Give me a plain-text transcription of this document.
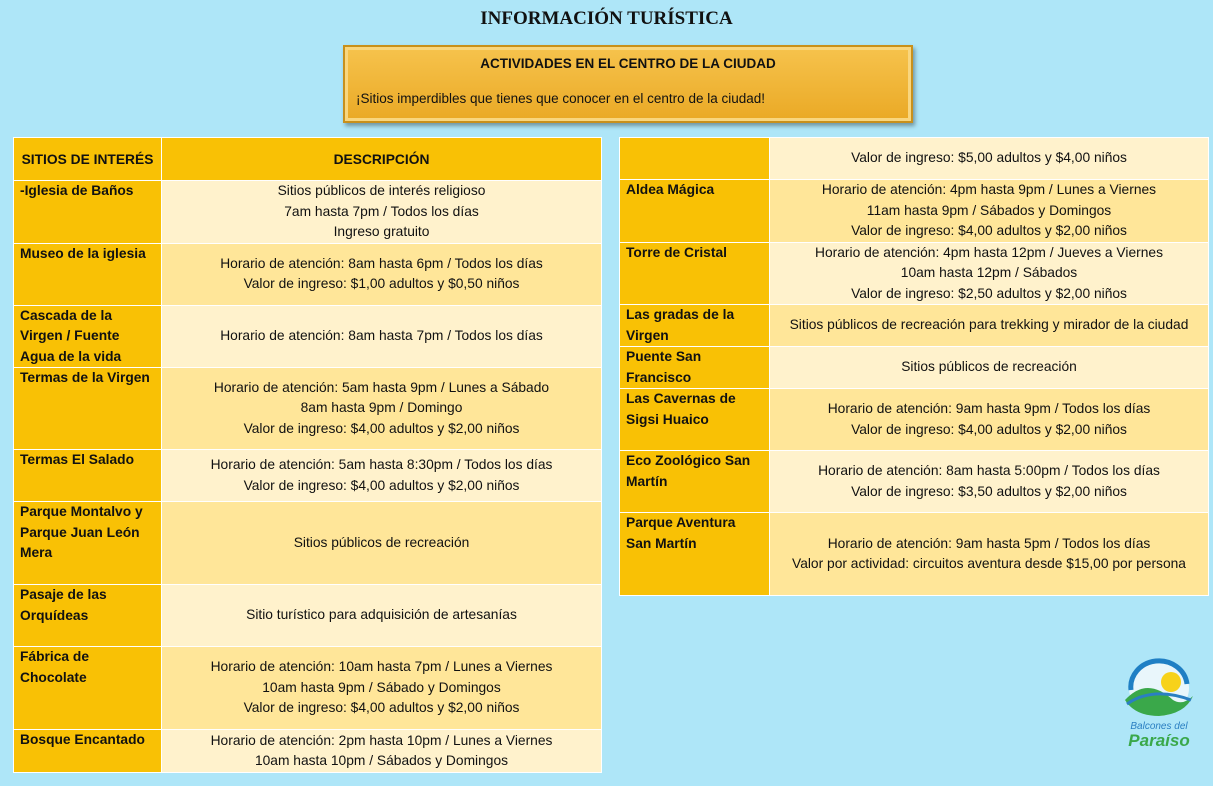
INFORMACIÓN TURÍSTICA
ACTIVIDADES EN EL CENTRO DE LA CIUDAD
¡Sitios imperdibles que tienes que conocer en el centro de la ciudad!
SITIOS DE INTERÉS	DESCRIPCIÓN
-Iglesia de Baños	Sitios públicos de interés religioso
7am hasta 7pm / Todos los días
Ingreso gratuito

Museo de la iglesia	Horario de atención: 8am hasta 6pm / Todos los días
Valor de ingreso: $1,00 adultos y $0,50 niños

Cascada de la Virgen / Fuente Agua de la vida	Horario de atención: 8am hasta 7pm / Todos los días

Termas de la Virgen	Horario de atención: 5am hasta 9pm / Lunes a Sábado
8am hasta 9pm / Domingo
Valor de ingreso: $4,00 adultos y $2,00 niños

Termas El Salado	Horario de atención: 5am hasta 8:30pm / Todos los días
Valor de ingreso: $4,00 adultos y $2,00 niños

Parque Montalvo y Parque Juan León Mera	Sitios públicos de recreación

Pasaje de las Orquídeas	Sitio turístico para adquisición de artesanías

Fábrica de Chocolate	Horario de atención: 10am hasta 7pm / Lunes a Viernes
10am hasta 9pm / Sábado y Domingos
Valor de ingreso: $4,00 adultos y $2,00 niños

Bosque Encantado	Horario de atención: 2pm hasta 10pm / Lunes a Viernes
10am hasta 10pm / Sábados y Domingos

	Valor de ingreso: $5,00 adultos y $4,00 niños

Aldea Mágica	Horario de atención: 4pm hasta 9pm / Lunes a Viernes
11am hasta 9pm / Sábados y Domingos
Valor de ingreso: $4,00 adultos y $2,00 niños

Torre de Cristal	Horario de atención: 4pm hasta 12pm / Jueves a Viernes
10am hasta 12pm / Sábados
Valor de ingreso: $2,50 adultos y $2,00 niños

Las gradas de la Virgen	Sitios públicos de recreación para trekking y mirador de la ciudad

Puente San Francisco	Sitios públicos de recreación

Las Cavernas de Sigsi Huaico	Horario de atención: 9am hasta 9pm / Todos los días
Valor de ingreso: $4,00 adultos y $2,00 niños

Eco Zoológico San Martín	Horario de atención: 8am hasta 5:00pm / Todos los días
Valor de ingreso: $3,50 adultos y $2,00 niños

Parque Aventura San Martín	Horario de atención: 9am hasta 5pm / Todos los días
Valor por actividad: circuitos aventura desde $15,00 por persona
Balcones del
Paraíso
